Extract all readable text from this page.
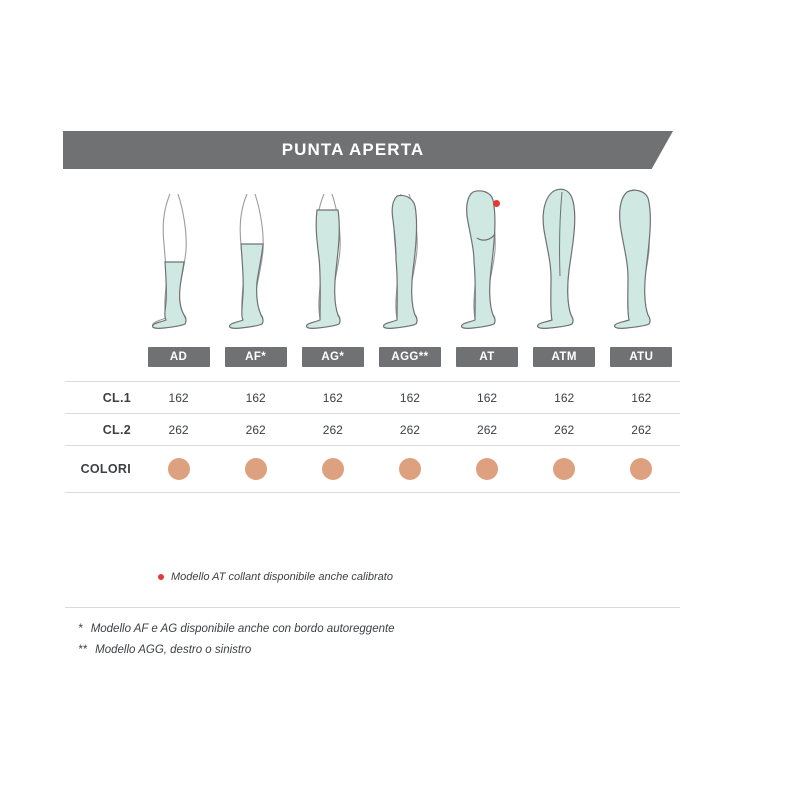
PUNTA APERTA
AD	AF*	AG*	AGG**	AT	ATM	ATU
CL.1	162	162	162	162	162	162	162
CL.2	262	262	262	262	262	262	262
COLORI
Modello AT collant disponibile anche calibrato
* Modello AF e AG disponibile anche con bordo autoreggente
** Modello AGG, destro o sinistro
